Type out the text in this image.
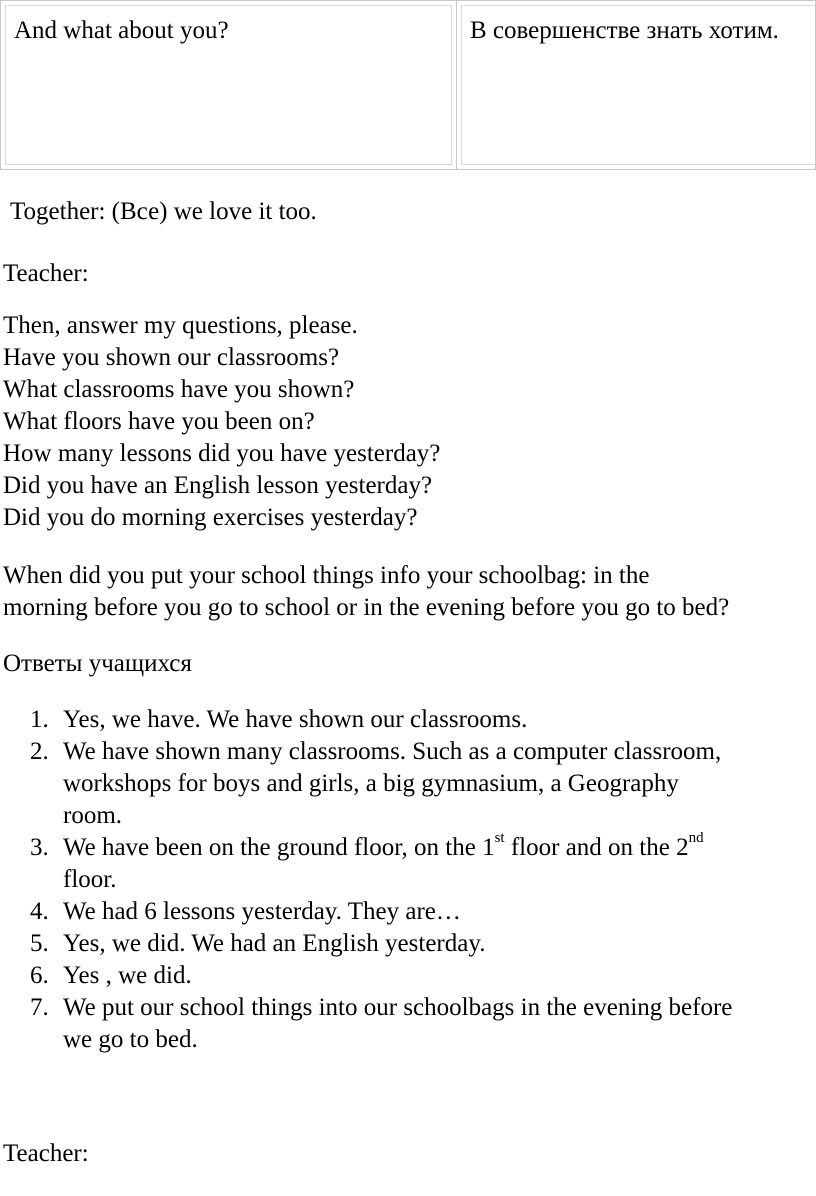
And what about you?	В совершенстве знать хотим.
Together: (Все) we love it too.
Teacher:
Then, answer my questions, please.
Have you shown our classrooms?
What classrooms have you shown?
What floors have you been on?
How many lessons did you have yesterday?
Did you have an English lesson yesterday?
Did you do morning exercises yesterday?
When did you put your school things info your schoolbag: in the
morning before you go to school or in the evening before you go to bed?
Ответы учащихся
1. Yes, we have. We have shown our classrooms.
2. We have shown many classrooms. Such as a computer classroom,
workshops for boys and girls, a big gymnasium, a Geography
room.
3. We have been on the ground floor, on the 1st floor and on the 2nd
floor.
4. We had 6 lessons yesterday. They are…
5. Yes, we did. We had an English yesterday.
6. Yes , we did.
7. We put our school things into our schoolbags in the evening before
we go to bed.
Teacher:
